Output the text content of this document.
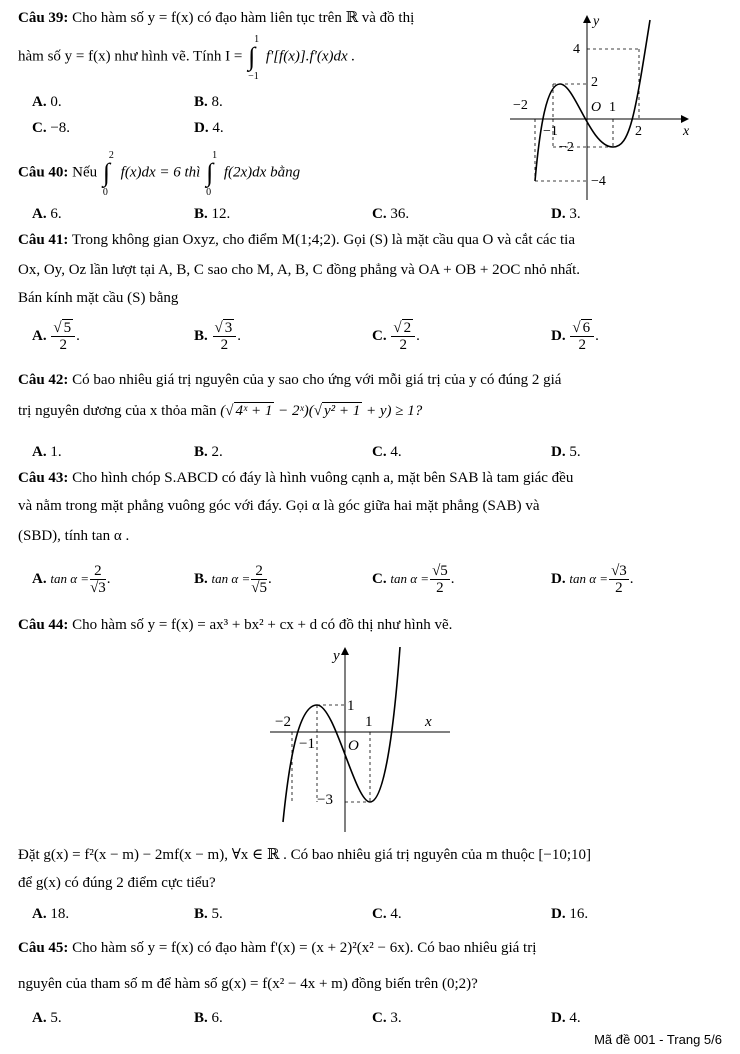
Câu 39: Cho hàm số y = f(x) có đạo hàm liên tục trên ℝ và đồ thị
hàm số y = f(x) như hình vẽ. Tính I = ∫
1
−1
f'[f(x)].f'(x)dx .
A. 0.	B. 8.
C. −8.	D. 4.
y
x
4
2
−2	O 1
−1
−2
2
−4
Câu 40: Nếu ∫
2
0
f(x)dx = 6 thì ∫
1
0
f(2x)dx bằng
A. 6.	B. 12.	C. 36.	D. 3.
Câu 41: Trong không gian Oxyz, cho điểm M(1;4;2). Gọi (S) là mặt cầu qua O và cắt các tia
Ox, Oy, Oz lần lượt tại A, B, C sao cho M, A, B, C đồng phẳng và OA + OB + 2OC nhỏ nhất.
Bán kính mặt cầu (S) bằng
A. $\frac{√ 5}{2}$ .	B. $\frac{√ 3}{2}$ .	C. $\frac{√ 2}{2}$ .	D. $\frac{√ 6}{2}$ .
Câu 42: Có bao nhiêu giá trị nguyên của y sao cho ứng với mỗi giá trị của y có đúng 2 giá
trị nguyên dương của x thỏa mãn (√ 4ˣ + 1 − 2ˣ)(√ y² + 1 + y) ≥ 1?
A. 1.	B. 2.	C. 4.	D. 5.
Câu 43: Cho hình chóp S.ABCD có đáy là hình vuông cạnh a, mặt bên SAB là tam giác đều
và nằm trong mặt phẳng vuông góc với đáy. Gọi α là góc giữa hai mặt phẳng (SAB) và
(SBD), tính tan α .
A. $\tan \alpha = \frac{2}{√3}$ .	B. $\tan \alpha = \frac{2}{√5}$ .	C. $\tan \alpha = \frac{√5}{2}$ .	D. $\tan \alpha = \frac{√3}{2}$ .
Câu 44: Cho hàm số y = f(x) = ax³ + bx² + cx + d có đồ thị như hình vẽ.
y
x
−2
1
1
−1 O
−3
Đặt g(x) = f²(x − m) − 2mf(x − m), ∀x ∈ ℝ . Có bao nhiêu giá trị nguyên của m thuộc [−10;10]
để g(x) có đúng 2 điểm cực tiểu?
A. 18.	B. 5.	C. 4.	D. 16.
Câu 45: Cho hàm số y = f(x) có đạo hàm f'(x) = (x + 2)²(x² − 6x). Có bao nhiêu giá trị
nguyên của tham số m để hàm số g(x) = f(x² − 4x + m) đồng biến trên (0;2)?
A. 5.	B. 6.	C. 3.	D. 4.
Mã đề 001 - Trang 5/6
